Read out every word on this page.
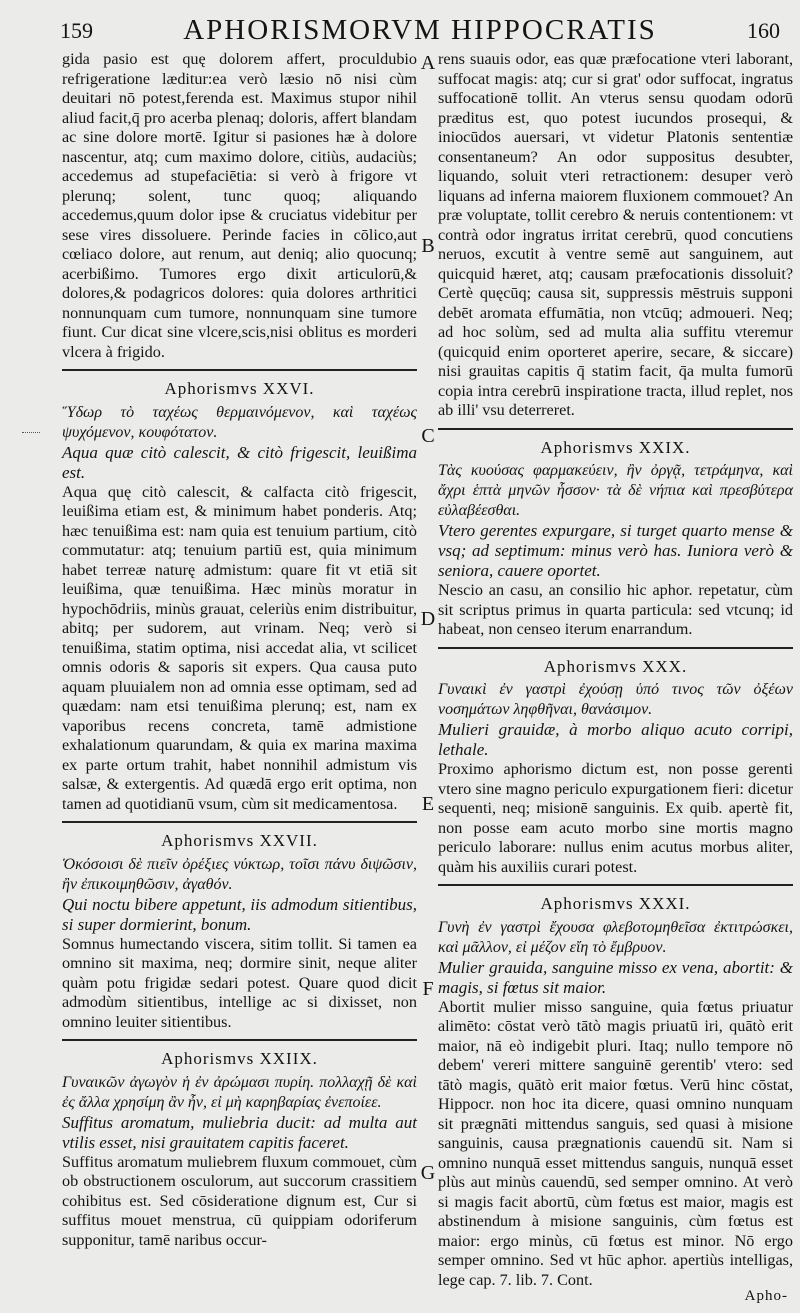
159	APHORISMORVM HIPPOCRATIS	160

gida pasio est quę dolorem affert, proculdubio refrigeratione læditur:ea verò læsio nō nisi cùm deuitari nō potest,ferenda est. Maximus stupor nihil aliud facit,q̄ pro acerba plenaq; doloris, affert blandam ac sine dolore mortē. Igitur si pasiones hæ à dolore nascentur, atq; cum maximo dolore, citiùs, audaciùs; accedemus ad stupefaciētia: si verò à frigore vt plerunq; solent, tunc quoq; aliquando accedemus,quum dolor ipse & cruciatus videbitur per sese vires dissoluere. Perinde facies in cōlico,aut cœliaco dolore, aut renum, aut deniq; alio quocunq; acerbißimo. Tumores ergo dixit articulorū,& dolores,& podagricos dolores: quia dolores arthritici nonnunquam cum tumore, nonnunquam sine tumore fiunt. Cur dicat sine vlcere,scis,nisi oblitus es morderi vlcera à frigido.

Aphorismvs XXVI.

Ὕδωρ τὸ ταχέως θερμαινόμενον, καὶ ταχέως ψυχόμενον, κουφότατον.

Aqua quæ citò calescit, & citò frigescit, leuißima est.

Aqua quę citò calescit, & calfacta citò frigescit, leuißima etiam est, & minimum habet ponderis. Atq; hæc tenuißima est: nam quia est tenuium partium, citò commutatur: atq; tenuium partiū est, quia minimum habet terreæ naturę admistum: quare fit vt etiā sit leuißima, quæ tenuißima. Hæc minùs moratur in hypochōdriis, minùs grauat, celeriùs enim distribuitur, abitq; per sudorem, aut vrinam. Neq; verò si tenuißima, statim optima, nisi accedat alia, vt scilicet omnis odoris & saporis sit expers. Qua causa puto aquam pluuialem non ad omnia esse optimam, sed ad quædam: nam etsi tenuißima plerunq; est, nam ex vaporibus recens concreta, tamē admistione exhalationum quarundam, & quia ex marina maxima ex parte ortum trahit, habet nonnihil admistum vis salsæ, & extergentis. Ad quædā ergo erit optima, non tamen ad quotidianū vsum, cùm sit medicamentosa.

Aphorismvs XXVII.

Ὁκόσοισι δὲ πιεῖν ὀρέξιες νύκτωρ, τοῖσι πάνυ διψῶσιν, ἢν ἐπικοιμηθῶσιν, ἀγαθόν.

Qui noctu bibere appetunt, iis admodum sitientibus, si super dormierint, bonum.

Somnus humectando viscera, sitim tollit. Si tamen ea omnino sit maxima, neq; dormire sinit, neque aliter quàm potu frigidæ sedari potest. Quare quod dicit admodùm sitientibus, intellige ac si dixisset, non omnino leuiter sitientibus.

Aphorismvs XXIIX.

Γυναικῶν ἀγωγὸν ἡ ἐν ἀρώμασι πυρίη. πολλαχῇ δὲ καὶ ἐς ἄλλα χρησίμη ἂν ἦν, εἰ μὴ καρηβαρίας ἐνεποίεε.

Suffitus aromatum, muliebria ducit: ad multa aut vtilis esset, nisi grauitatem capitis faceret.

Suffitus aromatum muliebrem fluxum commouet, cùm ob obstructionem osculorum, aut succorum crassitiem cohibitus est. Sed cōsideratione dignum est, Cur si suffitus mouet menstrua, cū quippiam odoriferum supponitur, tamē naribus occur-

A
B
C
D
E
F
G

rens suauis odor, eas quæ præfocatione vteri laborant, suffocat magis: atq; cur si grat' odor suffocat, ingratus suffocationē tollit. An vterus sensu quodam odorū præditus est, quo potest iucundos prosequi, & iniocūdos auersari, vt videtur Platonis sententiæ consentaneum? An odor suppositus desubter, liquando, soluit vteri retractionem: desuper verò liquans ad inferna maiorem fluxionem commouet? An præ voluptate, tollit cerebro & neruis contentionem: vt contrà odor ingratus irritat cerebrū, quod concutiens neruos, excutit à ventre semē aut sanguinem, aut quicquid hæret, atq; causam præfocationis dissoluit? Certè quęcūq; causa sit, suppressis mēstruis supponi debēt aromata effumātia, non vtcūq; admoueri. Neq; ad hoc solùm, sed ad multa alia suffitu vteremur (quicquid enim oporteret aperire, secare, & siccare) nisi grauitas capitis q̄ statim facit, q̄a multa fumorū copia intra cerebrū inspiratione tracta, illud replet, nos ab illi' vsu deterreret.

Aphorismvs XXIX.

Τὰς κυούσας φαρμακεύειν, ἢν ὀργᾷ, τετράμηνα, καὶ ἄχρι ἑπτὰ μηνῶν ἧσσον· τὰ δὲ νήπια καὶ πρεσβύτερα εὐλαβέεσθαι.

Vtero gerentes expurgare, si turget quarto mense & vsq; ad septimum: minus verò has. Iuniora verò & seniora, cauere oportet.

Nescio an casu, an consilio hic aphor. repetatur, cùm sit scriptus primus in quarta particula: sed vtcunq; id habeat, non censeo iterum enarrandum.

Aphorismvs XXX.

Γυναικὶ ἐν γαστρὶ ἐχούσῃ ὑπό τινος τῶν ὀξέων νοσημάτων ληφθῆναι, θανάσιμον.

Mulieri grauidæ, à morbo aliquo acuto corripi, lethale.

Proximo aphorismo dictum est, non posse gerenti vtero sine magno periculo expurgationem fieri: dicetur sequenti, neq; misionē sanguinis. Ex quib. apertè fit, non posse eam acuto morbo sine mortis magno periculo laborare: nullus enim acutus morbus aliter, quàm his auxiliis curari potest.

Aphorismvs XXXI.

Γυνὴ ἐν γαστρὶ ἔχουσα φλεβοτομηθεῖσα ἐκτιτρώσκει, καὶ μᾶλλον, εἰ μέζον εἴη τὸ ἔμβρυον.

Mulier grauida, sanguine misso ex vena, abortit: & magis, si fœtus sit maior.

Abortit mulier misso sanguine, quia fœtus priuatur alimēto: cōstat verò tātò magis priuatū iri, quātò erit maior, nā eò indigebit pluri. Itaq; nullo tempore nō debem' vereri mittere sanguinē gerentib' vtero: sed tātò magis, quātò erit maior fœtus. Verū hinc cōstat, Hippocr. non hoc ita dicere, quasi omnino nunquam sit prægnāti mittendus sanguis, sed quasi à misione sanguinis, causa prægnationis cauendū sit. Nam si omnino nunquā esset mittendus sanguis, nunquā esset plùs aut minùs cauendū, sed semper omnino. At verò si magis facit abortū, cùm fœtus est maior, magis est abstinendum à misione sanguinis, cùm fœtus est maior: ergo minùs, cū fœtus est minor. Nō ergo semper omnino. Sed vt hūc aphor. apertiùs intelligas, lege cap. 7. lib. 7. Cont.

Apho-
